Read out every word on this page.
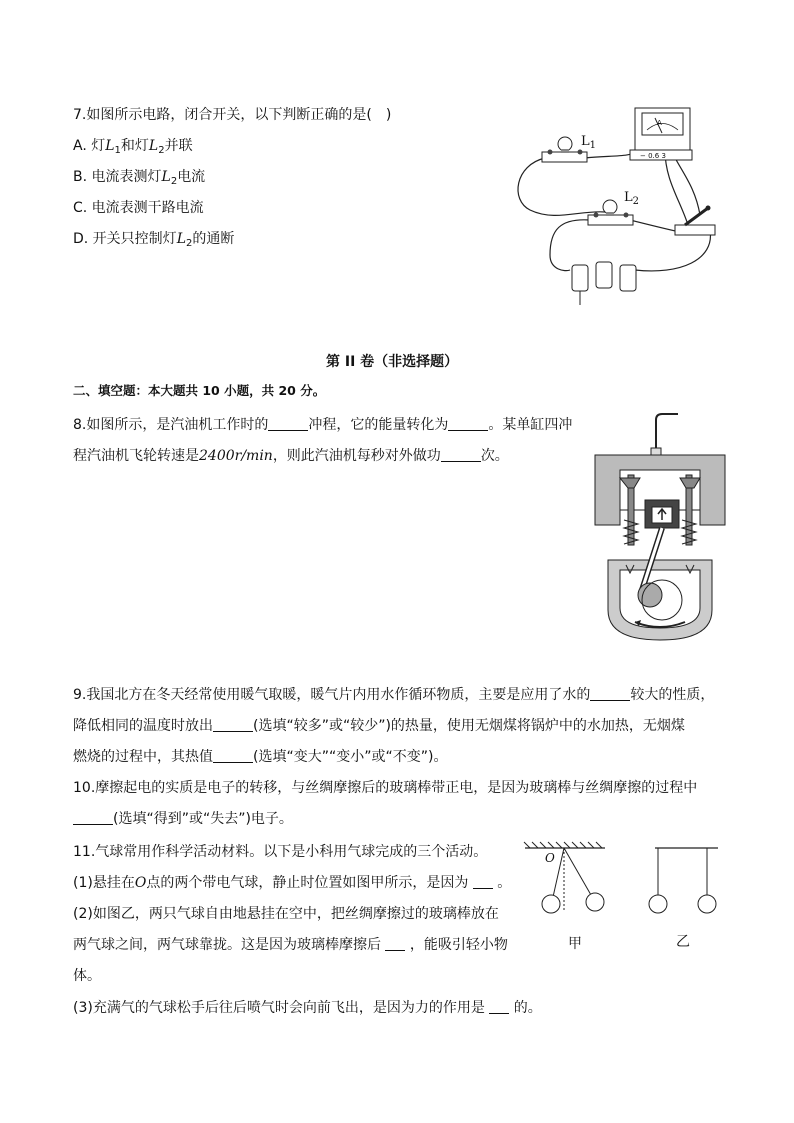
7.如图所示电路，闭合开关，以下判断正确的是(　)
A. 灯$L_1$和灯$L_2$并联
B. 电流表测灯$L_2$电流
C. 电流表测干路电流
D. 开关只控制灯$L_2$的通断
$L_1$
$L_2$
A
− 0.6 3
第 II 卷（非选择题）
二、填空题：本大题共 10 小题，共 20 分。
8.如图所示，是汽油机工作时的	冲程，它的能量转化为	。某单缸四冲
程汽油机飞轮转速是2400r/min，则此汽油机每秒对外做功	次。
9.我国北方在冬天经常使用暖气取暖，暖气片内用水作循环物质，主要是应用了水的	较大的性质，
降低相同的温度时放出	(选填“较多”或“较少”)的热量，使用无烟煤将锅炉中的水加热，无烟煤
燃烧的过程中，其热值	(选填“变大”“变小”或“不变”)。
10.摩擦起电的实质是电子的转移，与丝绸摩擦后的玻璃棒带正电，是因为玻璃棒与丝绸摩擦的过程中
(选填“得到”或“失去”)电子。
11.气球常用作科学活动材料。以下是小科用气球完成的三个活动。
(1)悬挂在O点的两个带电气球，静止时位置如图甲所示，是因为 。
(2)如图乙，两只气球自由地悬挂在空中，把丝绸摩擦过的玻璃棒放在
两气球之间，两气球靠拢。这是因为玻璃棒摩擦后 ，能吸引轻小物
体。
(3)充满气的气球松手后往后喷气时会向前飞出，是因为力的作用是 的。
O
甲	乙
